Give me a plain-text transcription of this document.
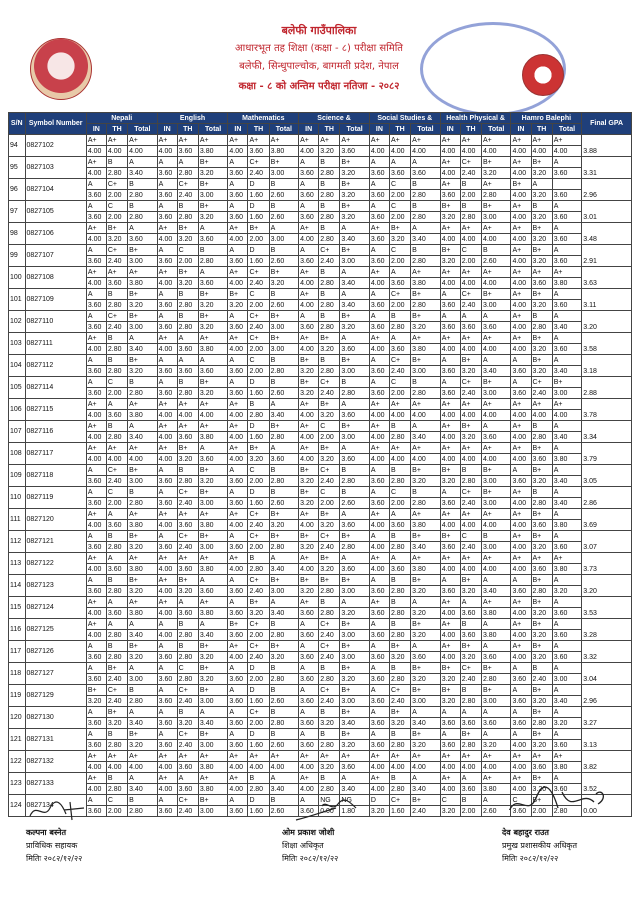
बलेफी गाउँपालिका
आधारभूत तह शिक्षा (कक्षा - ८) परीक्षा समिति
बलेफी, सिन्धुपाल्चोक, बागमती प्रदेश, नेपाल
कक्षा - ८ को अन्तिम परीक्षा नतिजा - २०८२
S/N	Symbol Number	Nepali			English			Mathematics			Science &			Social Studies &			Health Physical &			Hamro Balephi			Final GPA
		IN	TH	Total	IN	TH	Total	IN	TH	Total	IN	TH	Total	IN	TH	Total	IN	TH	Total	IN	TH	Total	
94	0827102	A+	A+	A+	A+	A+	A+	A+	A+	A+	A+	A+	A+	A+	A+	A+	A+	A+	A+	A+	A+	A+	3.88
		4.00	4.00	4.00	4.00	3.60	3.80	4.00	3.60	3.80	4.00	3.20	3.60	4.00	4.00	4.00	4.00	4.00	4.00	4.00	4.00	4.00	
95	0827103	A+	B	A	A	A	B+	A	C+	B+	A	B	B+	A	A	A	A+	C+	B+	A+	B+	A	3.31
		4.00	2.80	3.40	3.60	2.80	3.20	3.60	2.40	3.00	3.60	2.80	3.20	3.60	3.60	3.60	4.00	2.40	3.20	4.00	3.20	3.60	
96	0827104	A	C+	B	A	C+	B+	A	D	B	A	B	B+	A	C	B	A+	B	A+	B+	A		2.96
		3.60	2.00	2.80	3.60	2.40	3.00	3.60	1.60	2.60	3.60	2.80	3.20	3.60	2.00	2.80	3.60	2.00	2.80	4.00	3.20	3.60	
97	0827105	A	C	B	A	B	B+	A	D	B	A	B	B+	A	C	B	B+	B	B+	A+	B	A	3.01
		3.60	2.00	2.80	3.60	2.80	3.20	3.60	1.60	2.60	3.60	2.80	3.20	3.60	2.00	2.80	3.20	2.80	3.00	4.00	3.20	3.60	
98	0827106	A+	B+	A	A+	B+	A	A+	B+	A	A+	B	A	A+	B+	A	A+	A+	A+	A+	B+	A	3.48
		4.00	3.20	3.60	4.00	3.20	3.60	4.00	2.00	3.00	4.00	2.80	3.40	3.60	3.20	3.40	4.00	4.00	4.00	4.00	3.20	3.60	
99	0827107	A	C+	B+	A	C	B	A	D	B	A	C+	B+	A	C	B	B+	C	B	A+	B+	A	2.91
		3.60	2.40	3.00	3.60	2.00	2.80	3.60	1.60	2.60	3.60	2.40	3.00	3.60	2.00	2.80	3.20	2.00	2.60	4.00	3.20	3.60	
100	0827108	A+	A+	A+	A+	B+	A	A+	C+	B+	A+	B	A	A+	A	A+	A+	A+	A+	A+	A+	A+	3.63
		4.00	3.60	3.80	4.00	3.20	3.60	4.00	2.40	3.20	4.00	2.80	3.40	4.00	3.60	3.80	4.00	4.00	4.00	4.00	3.60	3.80	
101	0827109	A	B	B+	A	B	B+	B+	C	B	A+	B	A	A	C+	B+	A	C+	B+	A+	B+	A	3.11
		3.60	2.80	3.20	3.60	2.80	3.20	3.20	2.00	2.60	4.00	2.80	3.40	3.60	2.00	2.80	3.60	2.40	3.00	4.00	3.20	3.60	
102	0827110	A	C+	B+	A	B	B+	A	C+	B+	A	B	B+	A	B	B+	A	A	A	A+	B	A	3.20
		3.60	2.40	3.00	3.60	2.80	3.20	3.60	2.40	3.00	3.60	2.80	3.20	3.60	2.80	3.20	3.60	3.60	3.60	4.00	2.80	3.40	
103	0827111	A+	B	A	A+	A	A+	A+	C+	B+	A+	B+	A	A+	A	A+	A+	A+	A+	A+	B+	A	3.58
		4.00	2.80	3.40	4.00	3.60	3.80	4.00	2.00	3.00	4.00	3.20	3.60	4.00	3.60	3.80	4.00	4.00	4.00	4.00	3.20	3.60	
104	0827112	A	B	B+	A	A	A	A	C	B	B+	B	B+	A	C+	B+	A	B+	A	A	B+	A	3.18
		3.60	2.80	3.20	3.60	3.60	3.60	3.60	2.00	2.80	3.20	2.80	3.00	3.60	2.40	3.00	3.60	3.20	3.40	3.60	3.20	3.40	
105	0827114	A	C	B	A	B	B+	A	D	B	B+	C+	B	A	C	B	A	C+	B+	A	C+	B+	2.88
		3.60	2.00	2.80	3.60	2.80	3.20	3.60	1.60	2.60	3.20	2.40	2.80	3.60	2.00	2.80	3.60	2.40	3.00	3.60	2.40	3.00	
106	0827115	A+	A	A+	A+	A+	A+	A+	B	A	A+	B+	A	A+	A+	A+	A+	A+	A+	A+	A+	A+	3.78
		4.00	3.60	3.80	4.00	4.00	4.00	4.00	2.80	3.40	4.00	3.20	3.60	4.00	4.00	4.00	4.00	4.00	4.00	4.00	4.00	4.00	
107	0827116	A+	B	A	A+	A+	A+	A+	D	B+	A+	C	B+	A+	B	A	A+	B+	A	A+	B	A	3.34
		4.00	2.80	3.40	4.00	3.60	3.80	4.00	1.60	2.80	4.00	2.00	3.00	4.00	2.80	3.40	4.00	3.20	3.60	4.00	2.80	3.40	
108	0827117	A+	A+	A+	A+	B+	A	A+	B+	A	A+	B+	A	A+	A+	A+	A+	A+	A+	A+	B+	A	3.79
		4.00	4.00	4.00	4.00	3.20	3.60	4.00	3.20	3.60	4.00	3.20	3.60	4.00	4.00	4.00	4.00	4.00	4.00	4.00	3.60	3.80	
109	0827118	A	C+	B+	A	B	B+	A	C	B	B+	C+	B	A	B	B+	B+	B	B+	A	B+	A	3.05
		3.60	2.40	3.00	3.60	2.80	3.20	3.60	2.00	2.80	3.20	2.40	2.80	3.60	2.80	3.20	3.20	2.80	3.00	3.60	3.20	3.40	
110	0827119	A	C	B	A	C+	B+	A	D	B	B+	C	B	A	C	B	A	C+	B+	A+	B	A	2.86
		3.60	2.00	2.80	3.60	2.40	3.00	3.60	1.60	2.60	3.20	2.00	2.60	3.60	2.00	2.80	3.60	2.40	3.00	4.00	2.80	3.40	
111	0827120	A+	A	A+	A+	A+	A+	A+	C+	B+	A+	B+	A	A+	A	A+	A+	A+	A+	A+	B+	A	3.69
		4.00	3.60	3.80	4.00	3.60	3.80	4.00	2.40	3.20	4.00	3.20	3.60	4.00	3.60	3.80	4.00	4.00	4.00	4.00	3.60	3.80	
112	0827121	A	B	B+	A	C+	B+	A	C+	B+	B+	C+	B+	A	B	B+	B+	C	B	A+	B+	A	3.07
		3.60	2.80	3.20	3.60	2.40	3.00	3.60	2.00	2.80	3.20	2.40	2.80	4.00	2.80	3.40	3.60	2.40	3.00	4.00	3.20	3.60	
113	0827122	A+	A	A+	A+	A+	A+	A+	B	A	A+	B+	A	A+	A	A+	A+	A+	A+	A+	A+	A+	3.73
		4.00	3.60	3.80	4.00	3.60	3.80	4.00	2.80	3.40	4.00	3.20	3.60	4.00	3.60	3.80	4.00	4.00	4.00	4.00	3.60	3.80	
114	0827123	A	B	B+	A+	B+	A	A	C+	B+	B+	B+	B+	A	B	B+	A	B+	A	A	B+	A	3.20
		3.60	2.80	3.20	4.00	3.20	3.60	3.60	2.40	3.00	3.20	2.80	3.00	3.60	2.80	3.20	3.60	3.20	3.40	3.60	2.80	3.20	
115	0827124	A+	A	A+	A+	A	A+	A	B+	A	A+	B	A	A+	B	A	A+	A	A+	A+	B+	A	3.53
		4.00	3.60	3.80	4.00	3.60	3.80	3.60	3.20	3.40	3.60	2.80	3.20	3.60	2.80	3.20	4.00	3.60	3.80	4.00	3.20	3.60	
116	0827125	A+	A	A	A	B	A	B+	C+	B	A	C+	B+	A	B	B+	A+	B	A	A+	B+	A	3.28
		4.00	2.80	3.40	4.00	2.80	3.40	3.60	2.00	2.80	3.60	2.40	3.00	3.60	2.80	3.20	4.00	3.60	3.80	4.00	3.20	3.60	
117	0827126	A	B	B+	A	B	B+	A+	C+	B+	A	C+	B+	A	B+	A	A+	B+	A	A+	B+	A	3.32
		3.60	2.80	3.20	3.60	2.80	3.20	4.00	2.40	3.20	3.60	2.40	3.00	3.60	3.20	3.60	4.00	3.20	3.60	4.00	3.20	3.60	
118	0827127	A	B+	A	A	C	B+	A	D	B	A	B	B+	A	B	B+	B+	C+	B+	A	B	A	3.04
		3.60	2.40	3.00	3.60	2.80	3.20	3.60	2.00	2.80	3.60	2.80	3.20	3.60	2.80	3.20	3.20	2.40	2.80	3.60	2.40	3.00	
119	0827129	B+	C+	B	A	C+	B+	A	D	B	A	C+	B+	A	C+	B+	B+	B	B+	A	B+	A	2.96
		3.20	2.40	2.80	3.60	2.40	3.00	3.60	1.60	2.60	3.60	2.40	3.00	3.60	2.40	3.00	3.20	2.80	3.00	3.60	3.20	3.40	
120	0827130	A	B+	A	A	B	A	A	C+	B	A	B	B+	A	B+	A	A	A	A	A	B+	A	3.27
		3.60	3.20	3.40	3.60	3.20	3.40	3.60	2.00	2.80	3.60	3.20	3.40	3.60	3.20	3.40	3.60	3.60	3.60	3.60	2.80	3.20	
121	0827131	A	B	B+	A	C+	B+	A	D	B	A	B	B+	A	B	B+	A	B+	A	A	B+	A	3.13
		3.60	2.80	3.20	3.60	2.40	3.00	3.60	1.60	2.60	3.60	2.80	3.20	3.60	2.80	3.20	3.60	2.80	3.20	4.00	3.20	3.60	
122	0827132	A+	A+	A+	A+	A+	A+	A+	A+	A+	A+	A+	A+	A+	A+	A+	A+	A+	A+	A+	A+	A+	3.82
		4.00	4.00	4.00	4.00	3.60	3.80	4.00	4.00	4.00	4.00	3.20	3.60	4.00	4.00	4.00	4.00	4.00	4.00	4.00	3.60	3.80	
123	0827133	A+	B	A	A+	A	A+	A+	B	A	A+	B	A	A+	B	A	A+	A	A+	A+	B+	A	3.52
		4.00	2.80	3.40	4.00	3.60	3.80	4.00	2.80	3.40	4.00	2.80	3.40	4.00	2.80	3.40	4.00	3.60	3.80	4.00	3.20	3.60	
124	0827134	A	C	B	A	C+	B+	A	D	B	A	NG	NG	D	C+	B+	C	B	A	C	B+		0.00
		3.60	2.00	2.80	3.60	2.40	3.00	3.60	1.60	2.60	3.60	0.00	1.80	3.20	1.60	2.40	3.20	2.00	2.60	3.60	2.00	2.80	
कल्पना बस्नेत
प्राविधिक सहायक
मितिः २०८२/१२/२२
ओम प्रकाश जोशी
शिक्षा अधिकृत
मितिः २०८२/१२/२२
देव बहादुर राउत
प्रमुख प्रशासकीय अधिकृत
मितिः २०८२/१२/२२
